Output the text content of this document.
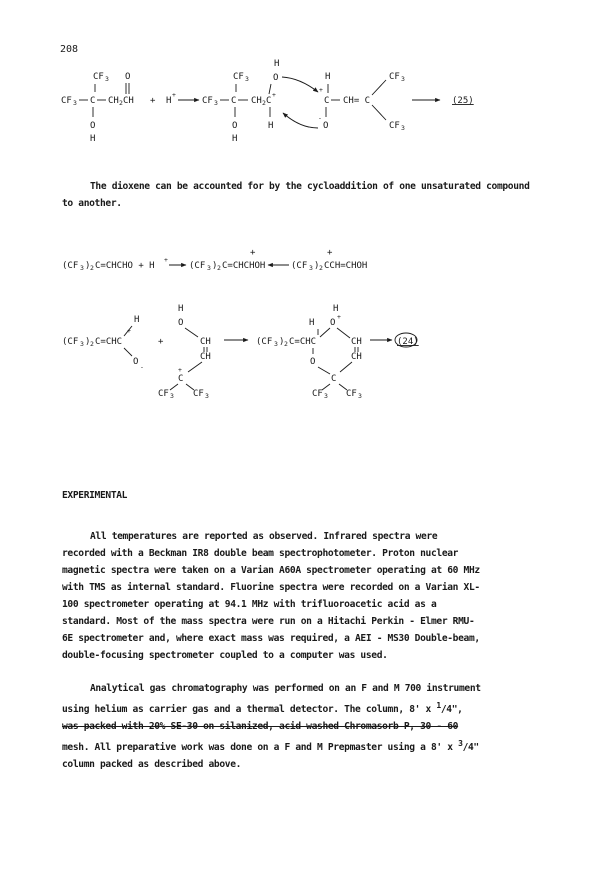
208
CF 3 O
CF 3 C CH 2 CH
O
H
+ H
+
CF 3
CF 3 C CH 2 C
+
H
O
O
H
H
H
+
C CH= C
-
O
CF 3
CF 3
(25)
(CF 3 ) 2 C=CHCHO + H
+
(CF 3 ) 2 C=CHCHOH
+
(CF 3 ) 2 CCH=CHOH
+
(CF 3 ) 2 C=CHC
H
+
O -
+
H
O
CH
CH
+
C
CF 3 CF 3
(CF 3 ) 2 C=CHC
H O
+
H
O
CH
CH
C
CF 3 CF 3
(24)
The dioxene can be accounted for by the cycloaddition of one unsaturated compound to another.
EXPERIMENTAL
All temperatures are reported as observed. Infrared spectra were
recorded with a Beckman IR8 double beam spectrophotometer. Proton nuclear
magnetic spectra were taken on a Varian A60A spectrometer operating at 60 MHz
with TMS as internal standard. Fluorine spectra were recorded on a Varian XL-
100 spectrometer operating at 94.1 MHz with trifluoroacetic acid as a
standard. Most of the mass spectra were run on a Hitachi Perkin - Elmer RMU-
6E spectrometer and, where exact mass was required, a AEI - MS30 Double-beam,
double-focusing spectrometer coupled to a computer was used.
Analytical gas chromatography was performed on an F and M 700 instrument
using helium as carrier gas and a thermal detector. The column, 8' x $^1$/4",
was packed with 20% SE-30 on silanized, acid washed Chromasorb P, 30 - 60
mesh. All preparative work was done on a F and M Prepmaster using a 8' x $^3$/4"
column packed as described above.
